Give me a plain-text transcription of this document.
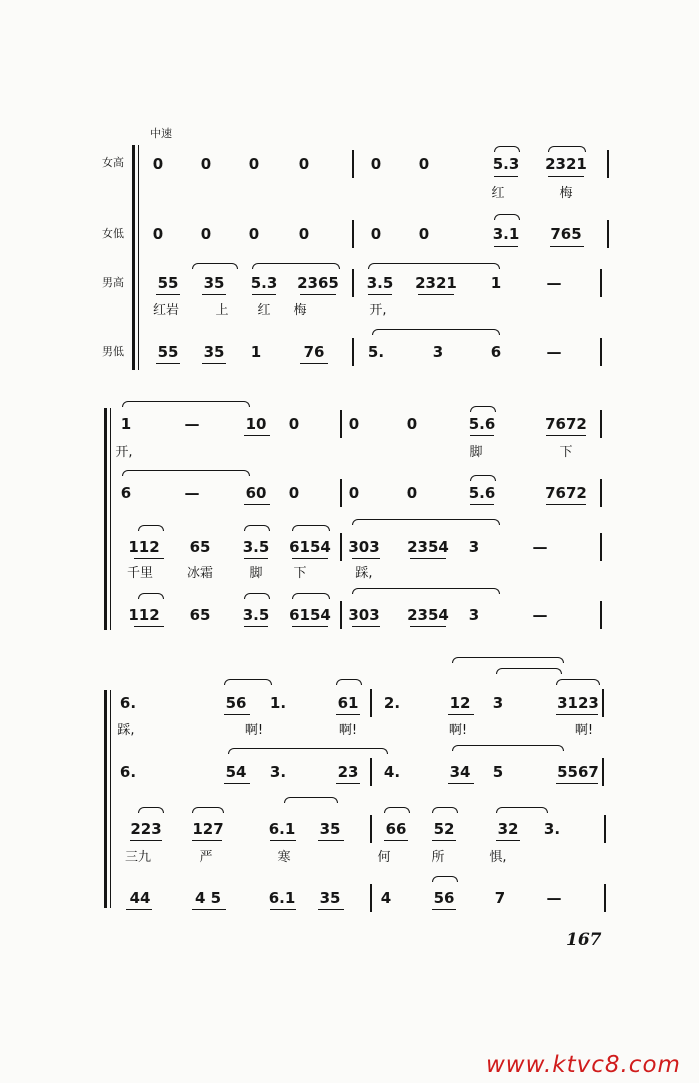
中速
女高
女低
男高
男低
0	0	0	0	0	0	5.3 2321
红	梅
0	0	0	0	0	0	3.1 765
55 35 5.3 2365 3.5 2321 1	—
红岩	上 红 梅	开,
55 35 1	76	5.	3	6	—
1	—	10 0	0	0	5.6	7672
开,	脚	下
6	—	60 0	0	0	5.6	7672
112 65 3.5 6154 303 2354 3	—
千里	冰霜	脚 下	踩,
112 65 3.5 6154 303 2354 3	—
6.	56 1.	61 2.	12 3	3123
踩,	啊!	啊!	啊!	啊!
6.	54 3.	23 4.	34 5	5567
223 127	6.1 35	66 52	32 3.
三九	严	寒	何	所	惧,
44	4 5	6.1 35	4	56	7	—
167
www.ktvc8.com
